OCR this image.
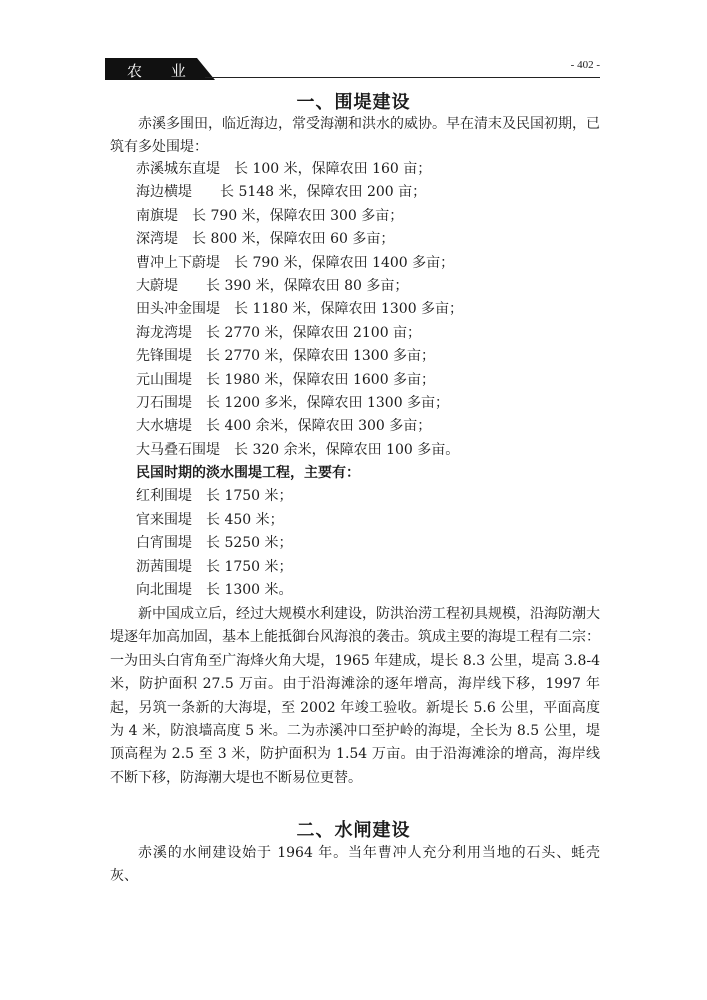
农 业	- 402 -
一、围堤建设
赤溪多围田，临近海边，常受海潮和洪水的威协。早在清末及民国初期，已筑有多处围堤：
赤溪城东直堤　长 100 米，保障农田 160 亩；
海边横堤　　长 5148 米，保障农田 200 亩；
南旗堤　长 790 米，保障农田 300 多亩；
深湾堤　长 800 米，保障农田 60 多亩；
曹冲上下蔚堤　长 790 米，保障农田 1400 多亩；
大蔚堤　　长 390 米，保障农田 80 多亩；
田头冲金围堤　长 1180 米，保障农田 1300 多亩；
海龙湾堤　长 2770 米，保障农田 2100 亩；
先锋围堤　长 2770 米，保障农田 1300 多亩；
元山围堤　长 1980 米，保障农田 1600 多亩；
刀石围堤　长 1200 多米，保障农田 1300 多亩；
大水塘堤　长 400 余米，保障农田 300 多亩；
大马叠石围堤　长 320 余米，保障农田 100 多亩。
民国时期的淡水围堤工程，主要有：
红利围堤　长 1750 米；
官来围堤　长 450 米；
白宵围堤　长 5250 米；
沥茜围堤　长 1750 米；
向北围堤　长 1300 米。
新中国成立后，经过大规模水利建设，防洪治涝工程初具规模，沿海防潮大堤逐年加高加固，基本上能抵御台风海浪的袭击。筑成主要的海堤工程有二宗：一为田头白宵角至广海烽火角大堤，1965 年建成，堤长 8.3 公里，堤高 3.8-4 米，防护面积 27.5 万亩。由于沿海滩涂的逐年增高，海岸线下移，1997 年起，另筑一条新的大海堤，至 2002 年竣工验收。新堤长 5.6 公里，平面高度为 4 米，防浪墙高度 5 米。二为赤溪冲口至护岭的海堤，全长为 8.5 公里，堤顶高程为 2.5 至 3 米，防护面积为 1.54 万亩。由于沿海滩涂的增高，海岸线不断下移，防海潮大堤也不断易位更替。
二、水闸建设
赤溪的水闸建设始于 1964 年。当年曹冲人充分利用当地的石头、蚝壳灰、
